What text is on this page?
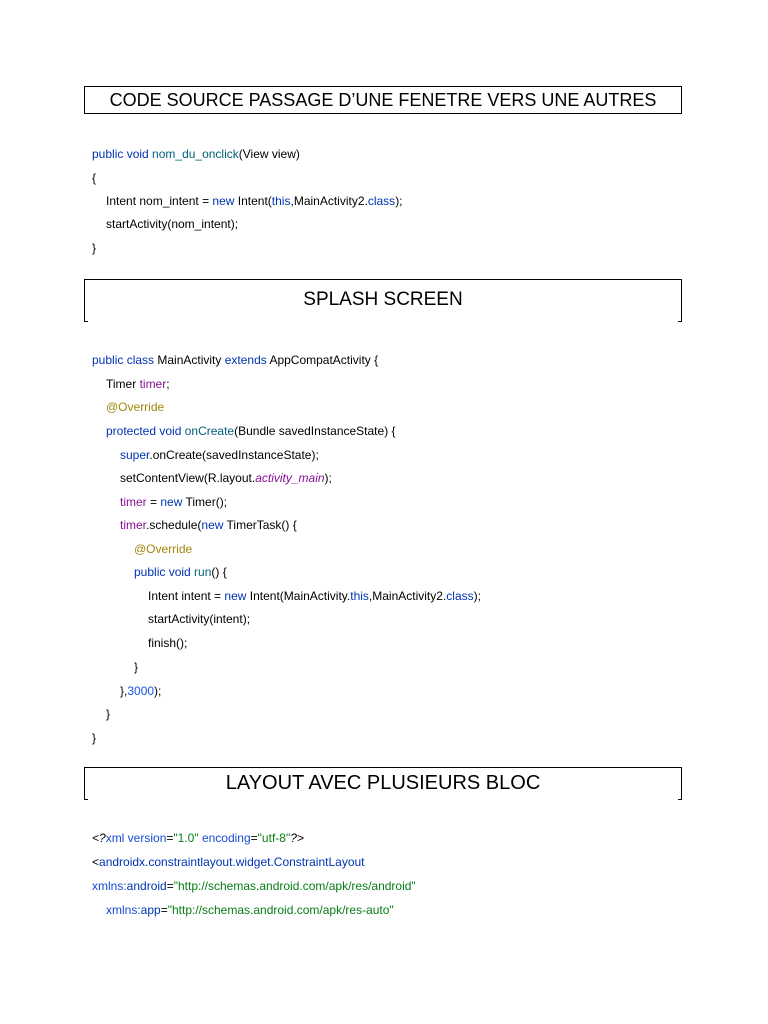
CODE SOURCE PASSAGE D’UNE FENETRE VERS UNE AUTRES
public void nom_du_onclick(View view)
{
Intent nom_intent = new Intent(this,MainActivity2.class);
startActivity(nom_intent);
}
SPLASH SCREEN
public class MainActivity extends AppCompatActivity {
Timer timer;
@Override
protected void onCreate(Bundle savedInstanceState) {
super.onCreate(savedInstanceState);
setContentView(R.layout.activity_main);
timer = new Timer();
timer.schedule(new TimerTask() {
@Override
public void run() {
Intent intent = new Intent(MainActivity.this,MainActivity2.class);
startActivity(intent);
finish();
}
},3000);
}
}
LAYOUT AVEC PLUSIEURS BLOC
<?xml version="1.0" encoding="utf-8"?>
<androidx.constraintlayout.widget.ConstraintLayout
xmlns:android="http://schemas.android.com/apk/res/android"
xmlns:app="http://schemas.android.com/apk/res-auto"
